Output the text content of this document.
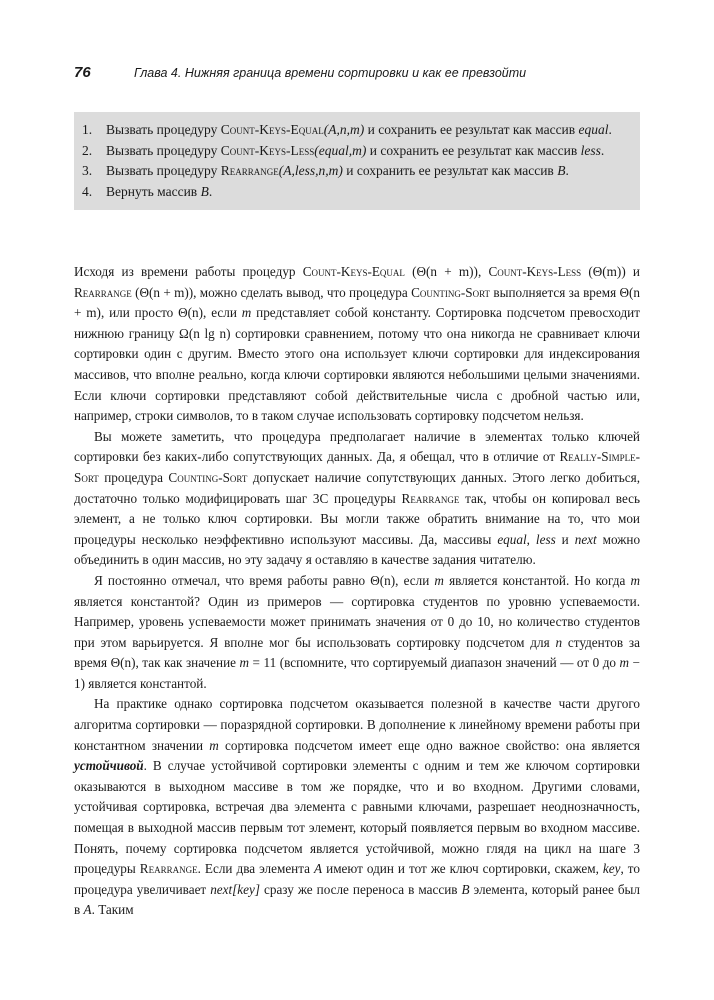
76	Глава 4. Нижняя граница времени сортировки и как ее превзойти
1.	Вызвать процедуру Count-Keys-Equal(A,n,m) и сохранить ее результат как массив equal.
2.	Вызвать процедуру Count-Keys-Less(equal,m) и сохранить ее результат как массив less.
3.	Вызвать процедуру Rearrange(A,less,n,m) и сохранить ее результат как массив B.
4.	Вернуть массив B.

Исходя из времени работы процедур Count-Keys-Equal (Θ(n + m)), Count-Keys-Less (Θ(m)) и Rearrange (Θ(n + m)), можно сделать вывод, что процедура Counting-Sort выполняется за время Θ(n + m), или просто Θ(n), если m представляет собой константу. Сортировка подсчетом превосходит нижнюю границу Ω(n lg n) сортировки сравнением, потому что она никогда не сравнивает ключи сортировки один с другим. Вместо этого она использует ключи сортировки для индексирования массивов, что вполне реально, когда ключи сортировки являются небольшими целыми значениями. Если ключи сортировки представляют собой действительные числа с дробной частью или, например, строки символов, то в таком случае использовать сортировку подсчетом нельзя.

Вы можете заметить, что процедура предполагает наличие в элементах только ключей сортировки без каких-либо сопутствующих данных. Да, я обещал, что в отличие от Really-Simple-Sort процедура Counting-Sort допускает наличие сопутствующих данных. Этого легко добиться, достаточно только модифицировать шаг 3С процедуры Rearrange так, чтобы он копировал весь элемент, а не только ключ сортировки. Вы могли также обратить внимание на то, что мои процедуры несколько неэффективно используют массивы. Да, массивы equal, less и next можно объединить в один массив, но эту задачу я оставляю в качестве задания читателю.

Я постоянно отмечал, что время работы равно Θ(n), если m является константой. Но когда m является константой? Один из примеров — сортировка студентов по уровню успеваемости. Например, уровень успеваемости может принимать значения от 0 до 10, но количество студентов при этом варьируется. Я вполне мог бы использовать сортировку подсчетом для n студентов за время Θ(n), так как значение m = 11 (вспомните, что сортируемый диапазон значений — от 0 до m − 1) является константой.

На практике однако сортировка подсчетом оказывается полезной в качестве части другого алгоритма сортировки — поразрядной сортировки. В дополнение к линейному времени работы при константном значении m сортировка подсчетом имеет еще одно важное свойство: она является устойчивой. В случае устойчивой сортировки элементы с одним и тем же ключом сортировки оказываются в выходном массиве в том же порядке, что и во входном. Другими словами, устойчивая сортировка, встречая два элемента с равными ключами, разрешает неоднозначность, помещая в выходной массив первым тот элемент, который появляется первым во входном массиве. Понять, почему сортировка подсчетом является устойчивой, можно глядя на цикл на шаге 3 процедуры Rearrange. Если два элемента A имеют один и тот же ключ сортировки, скажем, key, то процедура увеличивает next[key] сразу же после переноса в массив B элемента, который ранее был в A. Таким
